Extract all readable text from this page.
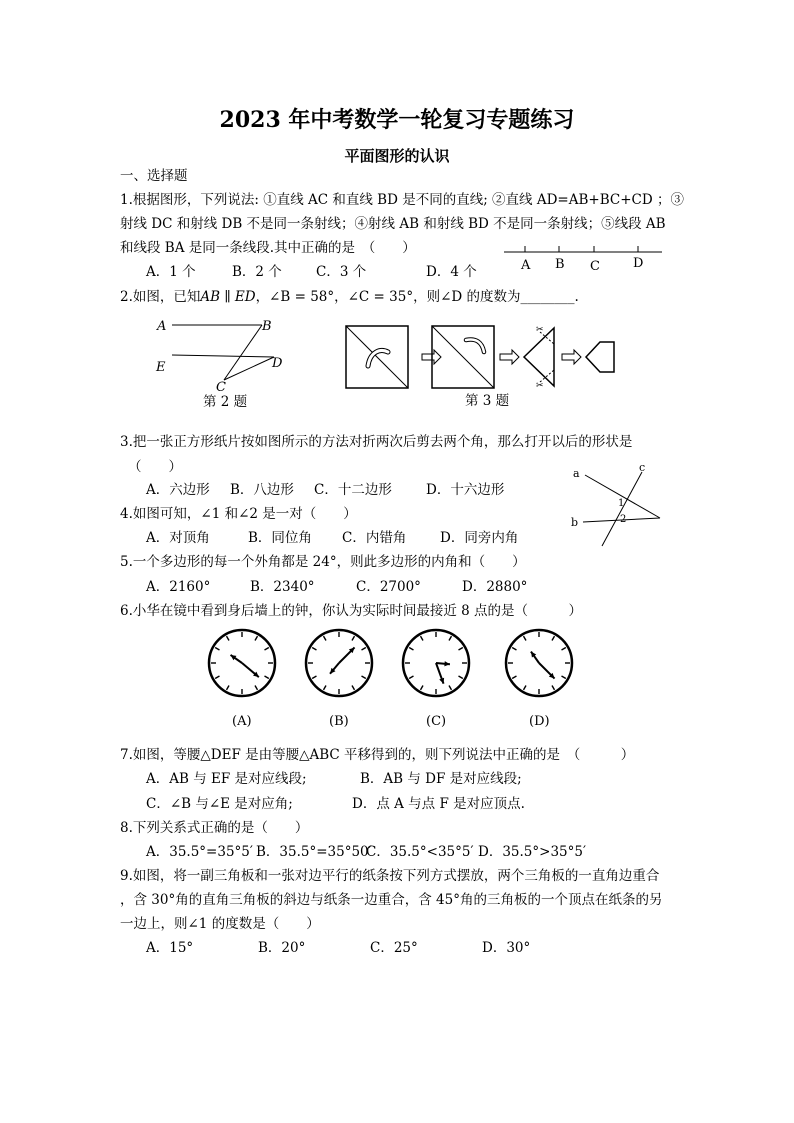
2023 年中考数学一轮复习专题练习
平面图形的认识
一、选择题
1.根据图形，下列说法: ①直线 AC 和直线 BD 是不同的直线; ②直线 AD=AB+BC+CD ；③
射线 DC 和射线 DB 不是同一条射线；④射线 AB 和射线 BD 不是同一条射线；⑤线段 AB
和线段 BA 是同一条线段.其中正确的是　（　　）
A．1 个	B．2 个	C．3 个	D．4 个	A B C	D
2.如图，已知AB ∥ ED，∠B = 58°，∠C = 35°，则∠D 的度数为________.
A	B
E	D
C
第 2 题
✂
✂
第 3 题
3.把一张正方形纸片按如图所示的方法对折两次后剪去两个角，那么打开以后的形状是
（　　）
A．六边形 B．八边形 C．十二边形	D．十六边形
a	c
b
1
2
4.如图可知，∠1 和∠2 是一对（　　）
A．对顶角	B．同位角 C．内错角 D．同旁内角
5.一个多边形的每一个外角都是 24°，则此多边形的内角和（　　）
A．2160°	B．2340°	C．2700°	D．2880°
6.小华在镜中看到身后墙上的钟，你认为实际时间最接近 8 点的是（　　　）
(A)	(B)	(C)	(D)
7.如图，等腰△DEF 是由等腰△ABC 平移得到的，则下列说法中正确的是　（　　　）
A．AB 与 EF 是对应线段;	B．AB 与 DF 是对应线段;
C．∠B 与∠E 是对应角;	D．点 A 与点 F 是对应顶点.
8.下列关系式正确的是（　　）
A．35.5°=35°5′ B．35.5°=35°50′
C．35.5°<35°5′ D．35.5°>35°5′
9.如图，将一副三角板和一张对边平行的纸条按下列方式摆放，两个三角板的一直角边重合
，含 30°角的直角三角板的斜边与纸条一边重合，含 45°角的三角板的一个顶点在纸条的另
一边上，则∠1 的度数是（　　）
A．15°	B．20°	C．25°	D．30°
